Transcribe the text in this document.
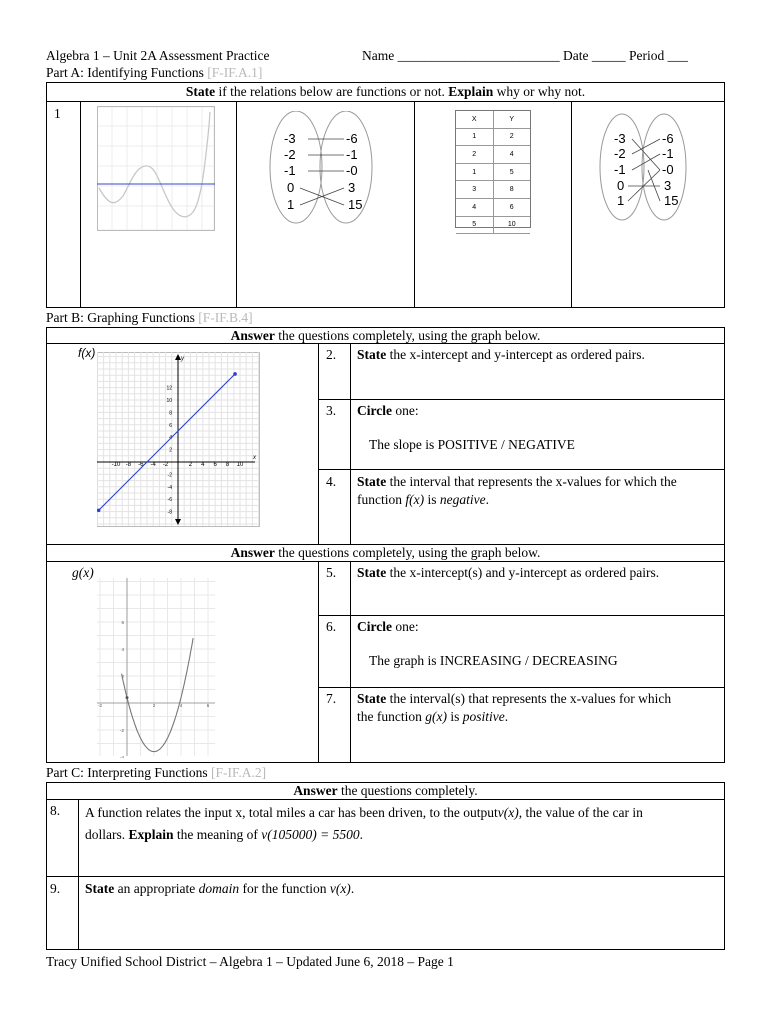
Algebra 1 – Unit 2A Assessment Practice	Name ________________________ Date _____ Period ___
Part A: Identifying Functions [F-IF.A.1]
State if the relations below are functions or not. Explain why or why not.
1
-3
-2
-1
0
1
-6
-1
-0
3
15
X	Y
1	2
2	4
1	5
3	8
4	6
5	10
-3
-2
-1
0
1
-6
-1
-0
3
15
Part B: Graphing Functions [F-IF.B.4]
Answer the questions completely, using the graph below.
Answer the questions completely, using the graph below.
f(x)
-10 -8 -6 -4 -2	2 4 6 8 10
12
10
8
6
2
-2
-4
-6
-8
x
y
g(x)
-2	2	4	6
6
4
2
-2
-4
2. State the x-intercept and y-intercept as ordered pairs.
3. Circle one:
The slope is POSITIVE / NEGATIVE
4. State the interval that represents the x-values for which the
function f(x) is negative.
5. State the x-intercept(s) and y-intercept as ordered pairs.
6. Circle one:
The graph is INCREASING / DECREASING
7. State the interval(s) that represents the x-values for which
the function g(x) is positive.
Part C: Interpreting Functions [F-IF.A.2]
Answer the questions completely.
8. A function relates the input x, total miles a car has been driven, to the outputv(x), the value of the car in
dollars. Explain the meaning of v(105000) = 5500.
9. State an appropriate domain for the function v(x).
Tracy Unified School District – Algebra 1 – Updated June 6, 2018 – Page 1
